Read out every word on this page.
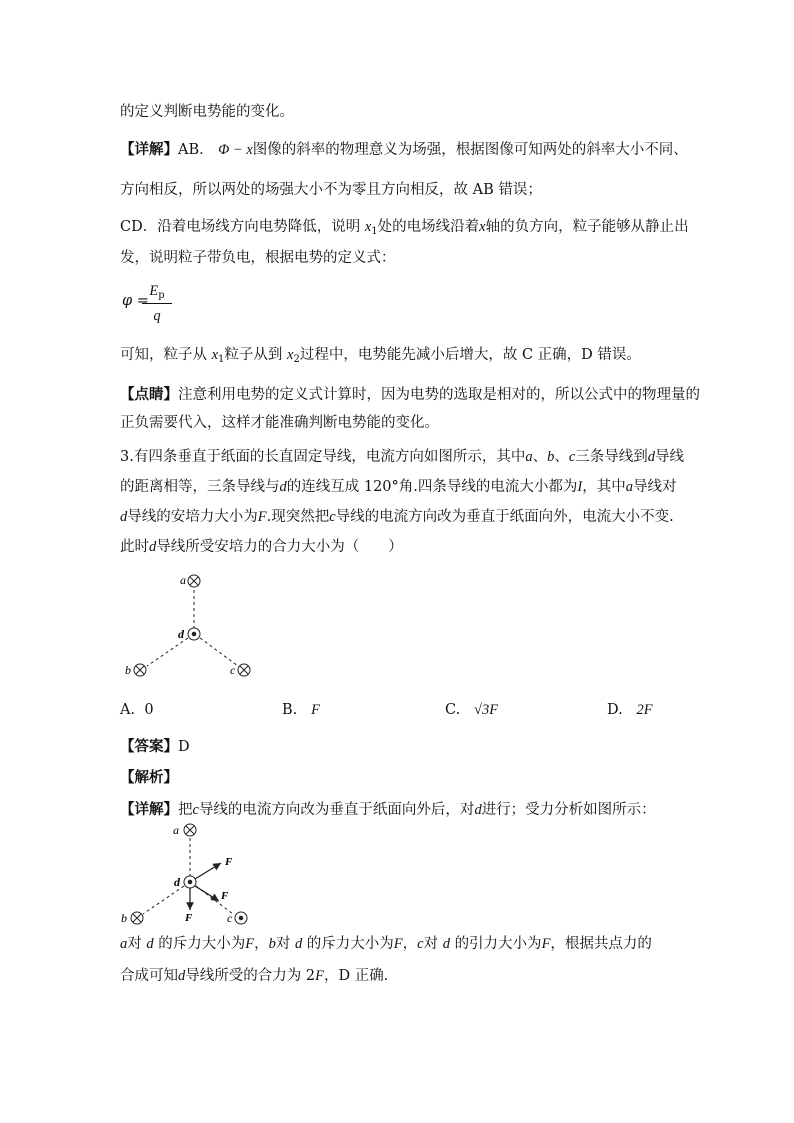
的定义判断电势能的变化。
【详解】AB． Φ − x图像的斜率的物理意义为场强，根据图像可知两处的斜率大小不同、
方向相反，所以两处的场强大小不为零且方向相反，故 AB 错误；
CD．沿着电场线方向电势降低，说明 $x_1$处的电场线沿着x轴的负方向，粒子能够从静止出
发，说明粒子带负电，根据电势的定义式：
φ =
$E_p$
q
可知，粒子从 $x_1$粒子从到 $x_2$过程中，电势能先减小后增大，故 C 正确，D 错误。
【点睛】注意利用电势的定义式计算时，因为电势的选取是相对的，所以公式中的物理量的
正负需要代入，这样才能准确判断电势能的变化。
3.有四条垂直于纸面的长直固定导线，电流方向如图所示，其中a、b、c三条导线到d导线
的距离相等，三条导线与d的连线互成 120°角.四条导线的电流大小都为I，其中a导线对
d导线的安培力大小为F.现突然把c导线的电流方向改为垂直于纸面向外，电流大小不变.
此时d导线所受安培力的合力大小为（　　）
a
d
b	c
A. 0	B. F	C. √3F	D. 2F
【答案】D
【解析】
【详解】把c导线的电流方向改为垂直于纸面向外后，对d进行；受力分析如图所示：
a
d
b	c
F
F
F
a对 d 的斥力大小为F，b对 d 的斥力大小为F，c对 d 的引力大小为F，根据共点力的
合成可知d导线所受的合力为 2F，D 正确.
